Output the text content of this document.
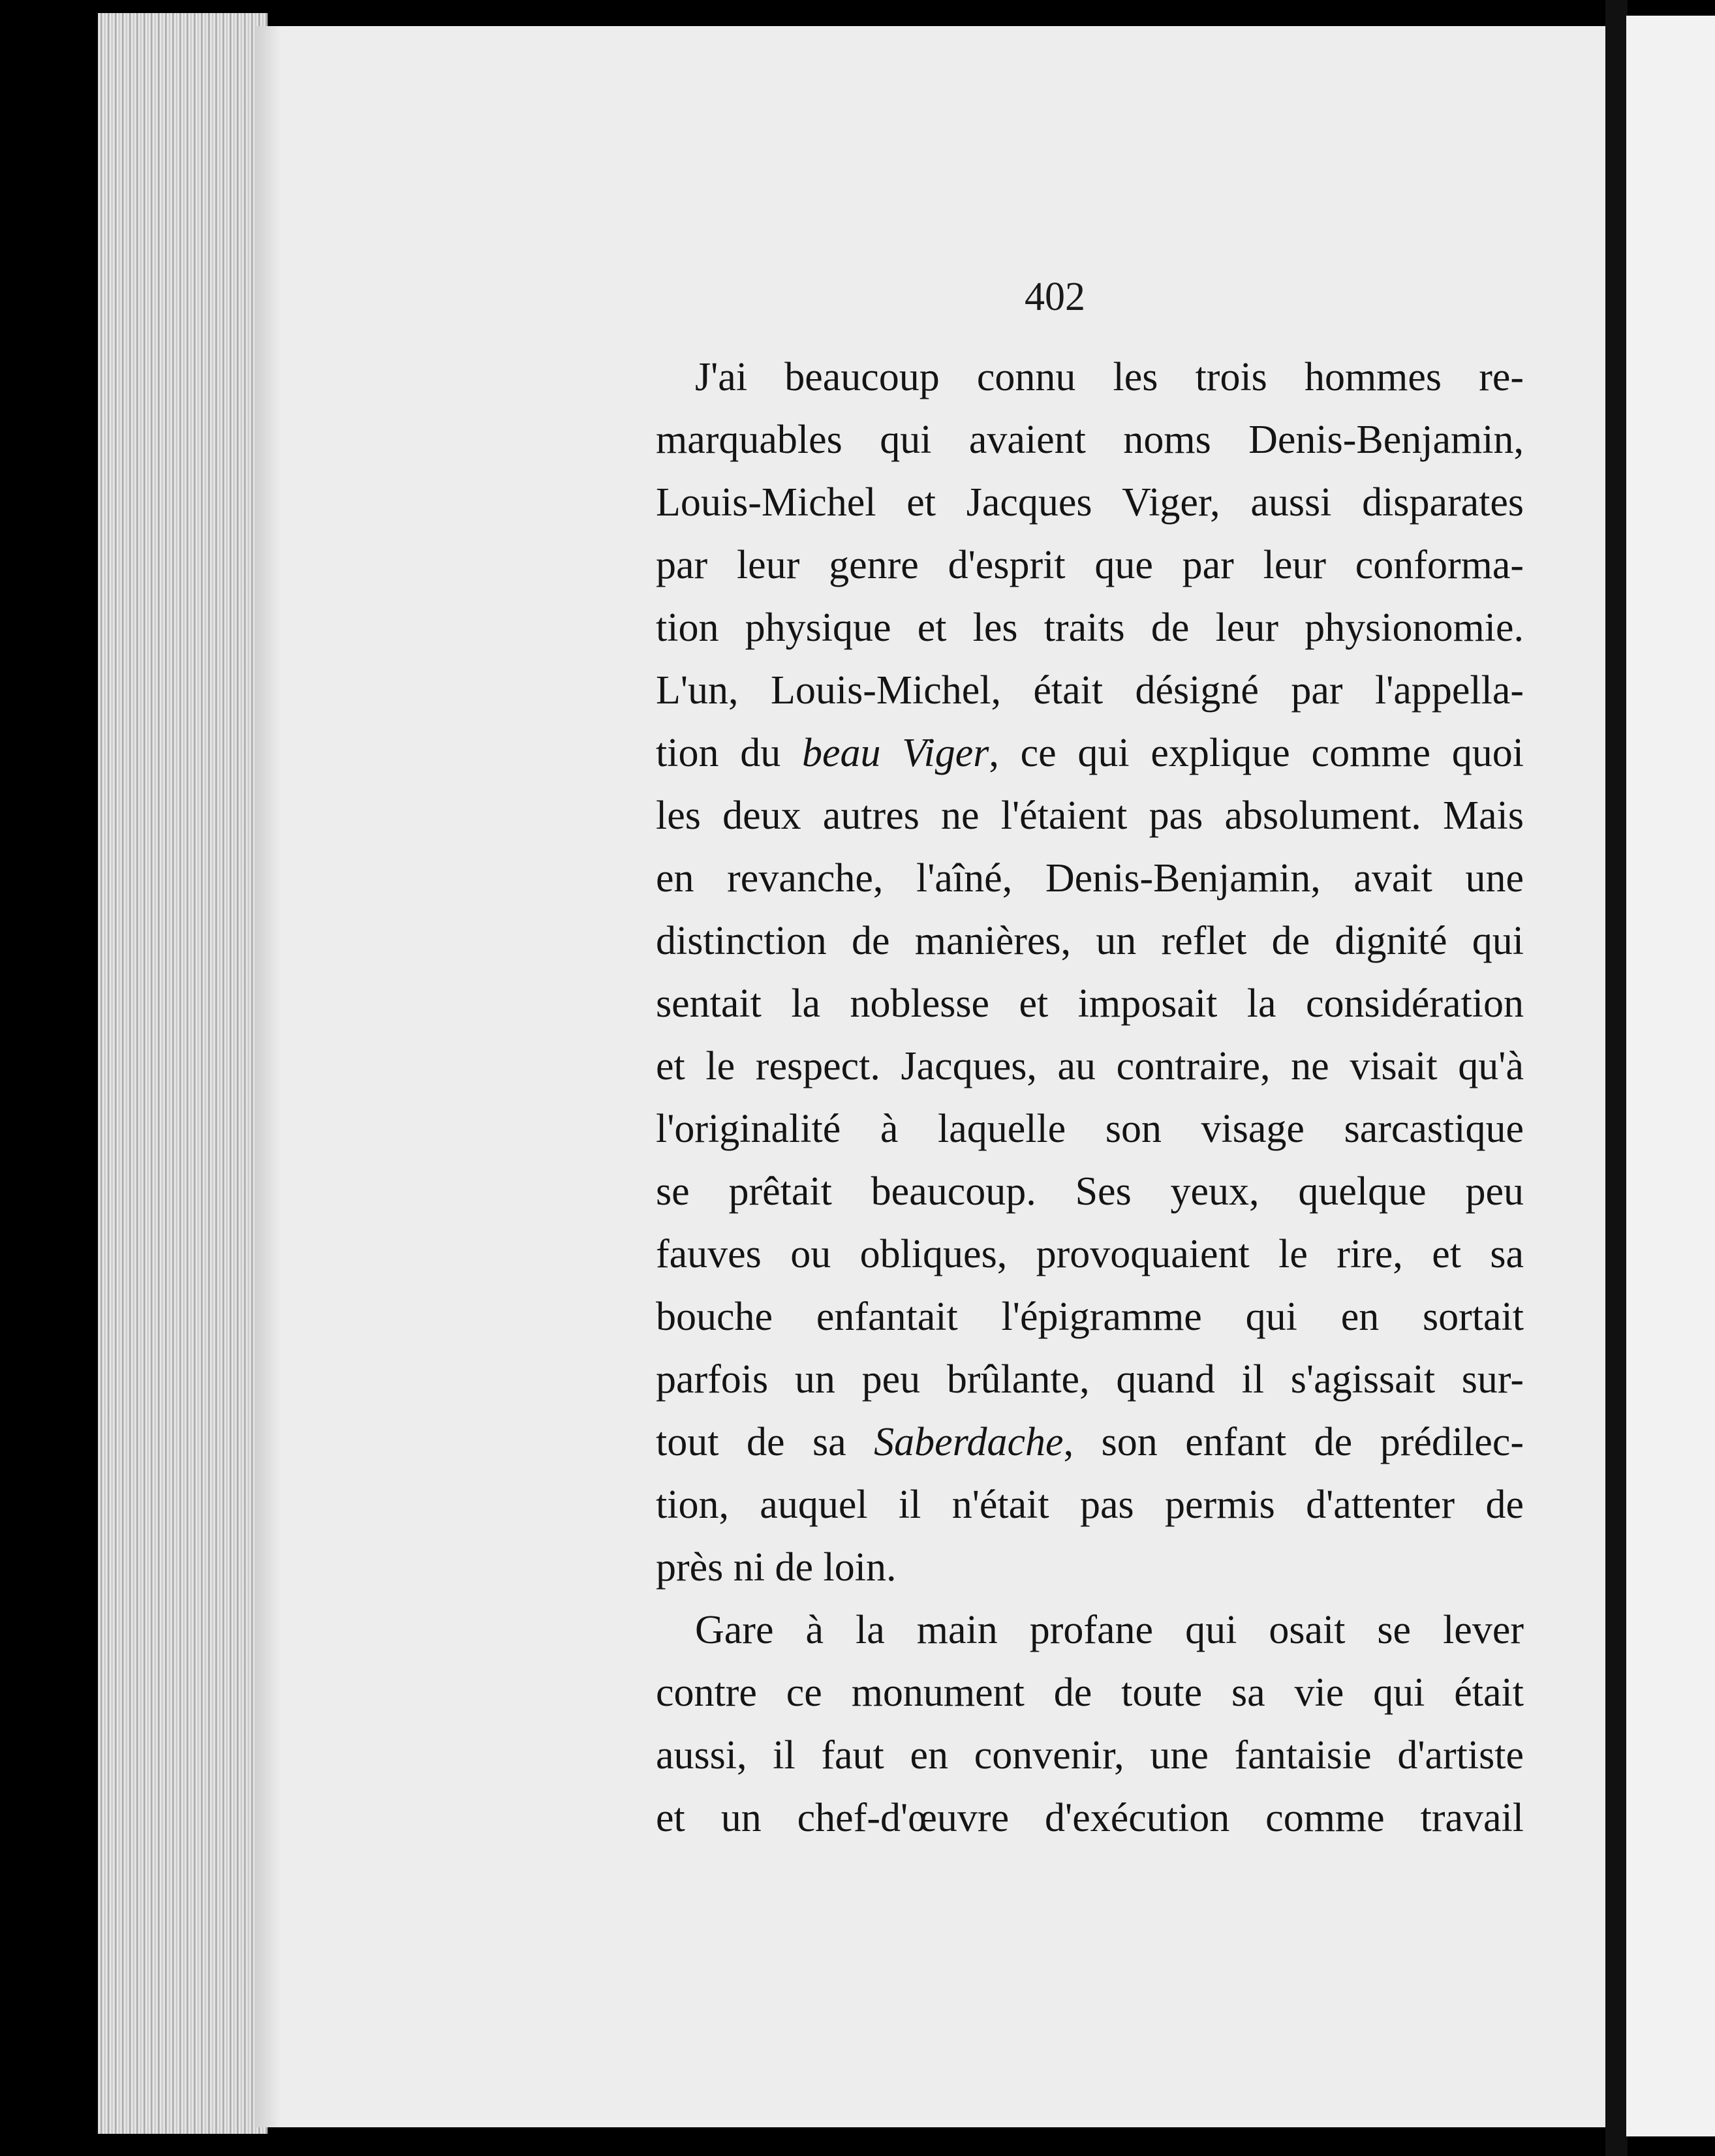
402
J'ai beaucoup connu les trois hommes re-
marquables qui avaient noms Denis-Benjamin,
Louis-Michel et Jacques Viger, aussi disparates
par leur genre d'esprit que par leur conforma-
tion physique et les traits de leur physionomie.
L'un, Louis-Michel, était désigné par l'appella-
tion du beau Viger, ce qui explique comme quoi
les deux autres ne l'étaient pas absolument. Mais
en revanche, l'aîné, Denis-Benjamin, avait une
distinction de manières, un reflet de dignité qui
sentait la noblesse et imposait la considération
et le respect. Jacques, au contraire, ne visait qu'à
l'originalité à laquelle son visage sarcastique
se prêtait beaucoup. Ses yeux, quelque peu
fauves ou obliques, provoquaient le rire, et sa
bouche enfantait l'épigramme qui en sortait
parfois un peu brûlante, quand il s'agissait sur-
tout de sa Saberdache, son enfant de prédilec-
tion, auquel il n'était pas permis d'attenter de
près ni de loin.
Gare à la main profane qui osait se lever
contre ce monument de toute sa vie qui était
aussi, il faut en convenir, une fantaisie d'artiste
et un chef-d'œuvre d'exécution comme travail
